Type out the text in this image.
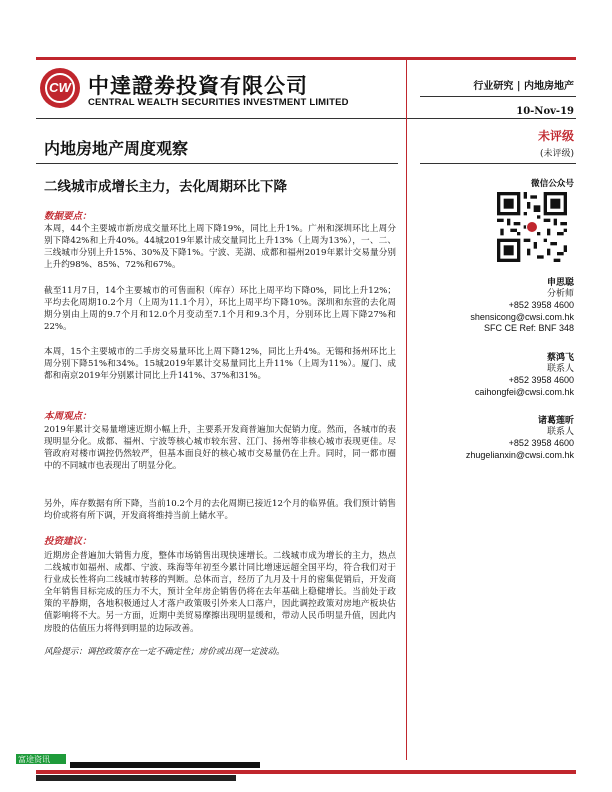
CW 中達證劵投資有限公司
CENTRAL WEALTH SECURITIES INVESTMENT LIMITED
行业研究 | 内地房地产
10-Nov-19
内地房地产周度观察
二线城市成增长主力，去化周期环比下降
数据要点：

本周，44个主要城市新房成交量环比上周下降19%，同比上升1%。广州和深圳环比上周分别下降42%和上升40%。44城2019年累计成交量同比上升13%（上周为13%），一、二、三线城市分别上升15%、30%及下降1%。宁波、芜湖、成都和福州2019年累计交易量分别上升约98%、85%、72%和67%。

截至11月7日，14个主要城市的可售面积（库存）环比上周平均下降0%，同比上升12%；平均去化周期10.2个月（上周为11.1个月），环比上周平均下降10%。深圳和东营的去化周期分别由上周的9.7个月和12.0个月变动至7.1个月和9.3个月，分别环比上周下降27%和22%。

本周，15个主要城市的二手房交易量环比上周下降12%，同比上升4%。无锡和扬州环比上周分别下降51%和34%。15城2019年累计交易量同比上升11%（上周为11%）。厦门、成都和南京2019年分别累计同比上升141%、37%和31%。

本周观点：

2019年累计交易量增速近期小幅上升，主要系开发商普遍加大促销力度。然而，各城市的表现明显分化。成都、福州、宁波等核心城市较东营、江门、扬州等非核心城市表现更佳。尽管政府对楼市调控仍然较严，但基本面良好的核心城市交易量仍在上升。同时，同一都市圈中的不同城市也表现出了明显分化。

另外，库存数据有所下降，当前10.2个月的去化周期已接近12个月的临界值。我们预计销售均价或将有所下调，开发商将维持当前上储水平。

投资建议：

近期房企普遍加大销售力度，整体市场销售出现快速增长。二线城市成为增长的主力，热点二线城市如福州、成都、宁波、珠海等年初至今累计同比增速远超全国平均，符合我们对于行业成长性将向二线城市转移的判断。总体而言，经历了九月及十月的密集促销后，开发商全年销售目标完成的压力不大，预计全年房企销售仍将在去年基础上稳健增长。当前处于政策的平静期，各地积极通过人才落户政策吸引外来人口落户，因此调控政策对房地产板块估值影响将不大。另一方面，近期中美贸易摩擦出现明显缓和，带动人民币明显升值，因此内房股的估值压力将得到明显的边际改善。

风险提示：调控政策存在一定不确定性；房价或出现一定波动。
未评级
(未评级)
微信公众号
申思聪
分析师
+852 3958 4600
shensicong@cwsi.com.hk
SFC CE Ref: BNF 348
蔡鸿飞
联系人
+852 3958 4600
caihongfei@cwsi.com.hk
诸葛莲昕
联系人
+852 3958 4600
zhugelianxin@cwsi.com.hk
富途资讯
